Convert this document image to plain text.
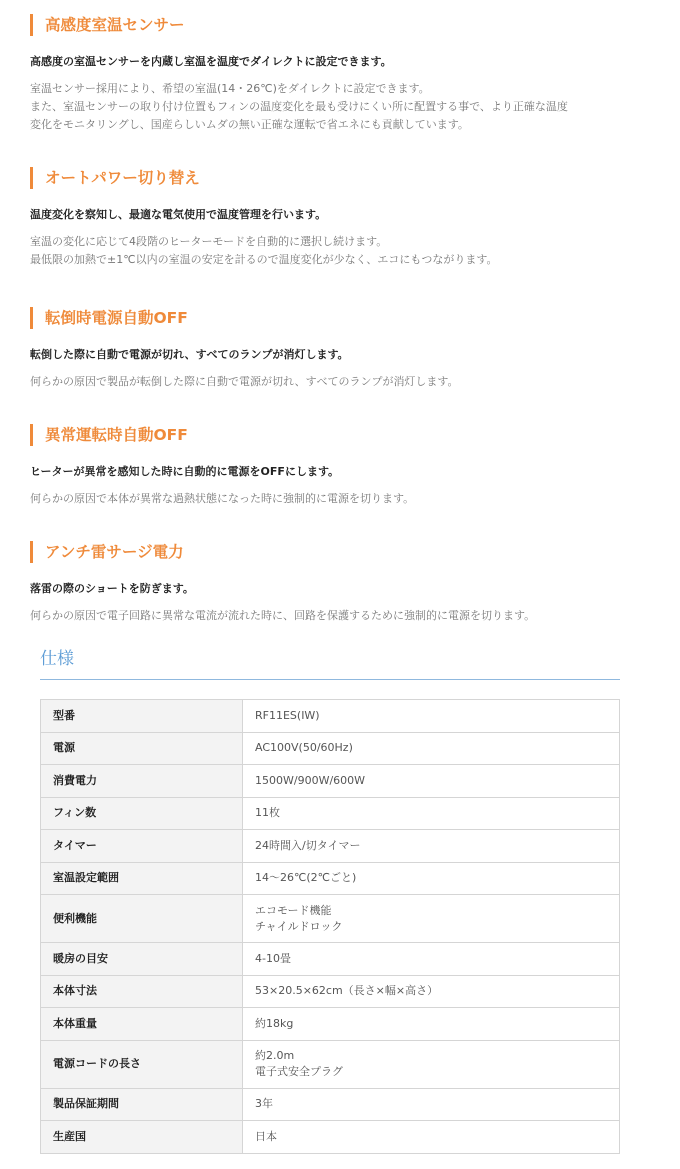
高感度室温センサー
高感度の室温センサーを内蔵し室温を温度でダイレクトに設定できます。
室温センサー採用により、希望の室温(14・26℃)をダイレクトに設定できます。
また、室温センサーの取り付け位置もフィンの温度変化を最も受けにくい所に配置する事で、より正確な温度
変化をモニタリングし、国産らしいムダの無い正確な運転で省エネにも貢献しています。
オートパワー切り替え
温度変化を察知し、最適な電気使用で温度管理を行います。
室温の変化に応じて4段階のヒーターモードを自動的に選択し続けます。
最低限の加熱で±1℃以内の室温の安定を計るので温度変化が少なく、エコにもつながります。
転倒時電源自動OFF
転倒した際に自動で電源が切れ、すべてのランプが消灯します。
何らかの原因で製品が転倒した際に自動で電源が切れ、すべてのランプが消灯します。
異常運転時自動OFF
ヒーターが異常を感知した時に自動的に電源をOFFにします。
何らかの原因で本体が異常な過熱状態になった時に強制的に電源を切ります。
アンチ雷サージ電力
落雷の際のショートを防ぎます。
何らかの原因で電子回路に異常な電流が流れた時に、回路を保護するために強制的に電源を切ります。
仕様
型番	RF11ES(IW)

電源	AC100V(50/60Hz)

消費電力	1500W/900W/600W

フィン数	11枚

タイマー	24時間入/切タイマー

室温設定範囲	14～26℃(2℃ごと)

便利機能	エコモード機能
チャイルドロック

暖房の目安	4-10畳

本体寸法	53×20.5×62cm（長さ×幅×高さ）

本体重量	約18kg

電源コードの長さ	約2.0m
電子式安全プラグ

製品保証期間	3年

生産国	日本
